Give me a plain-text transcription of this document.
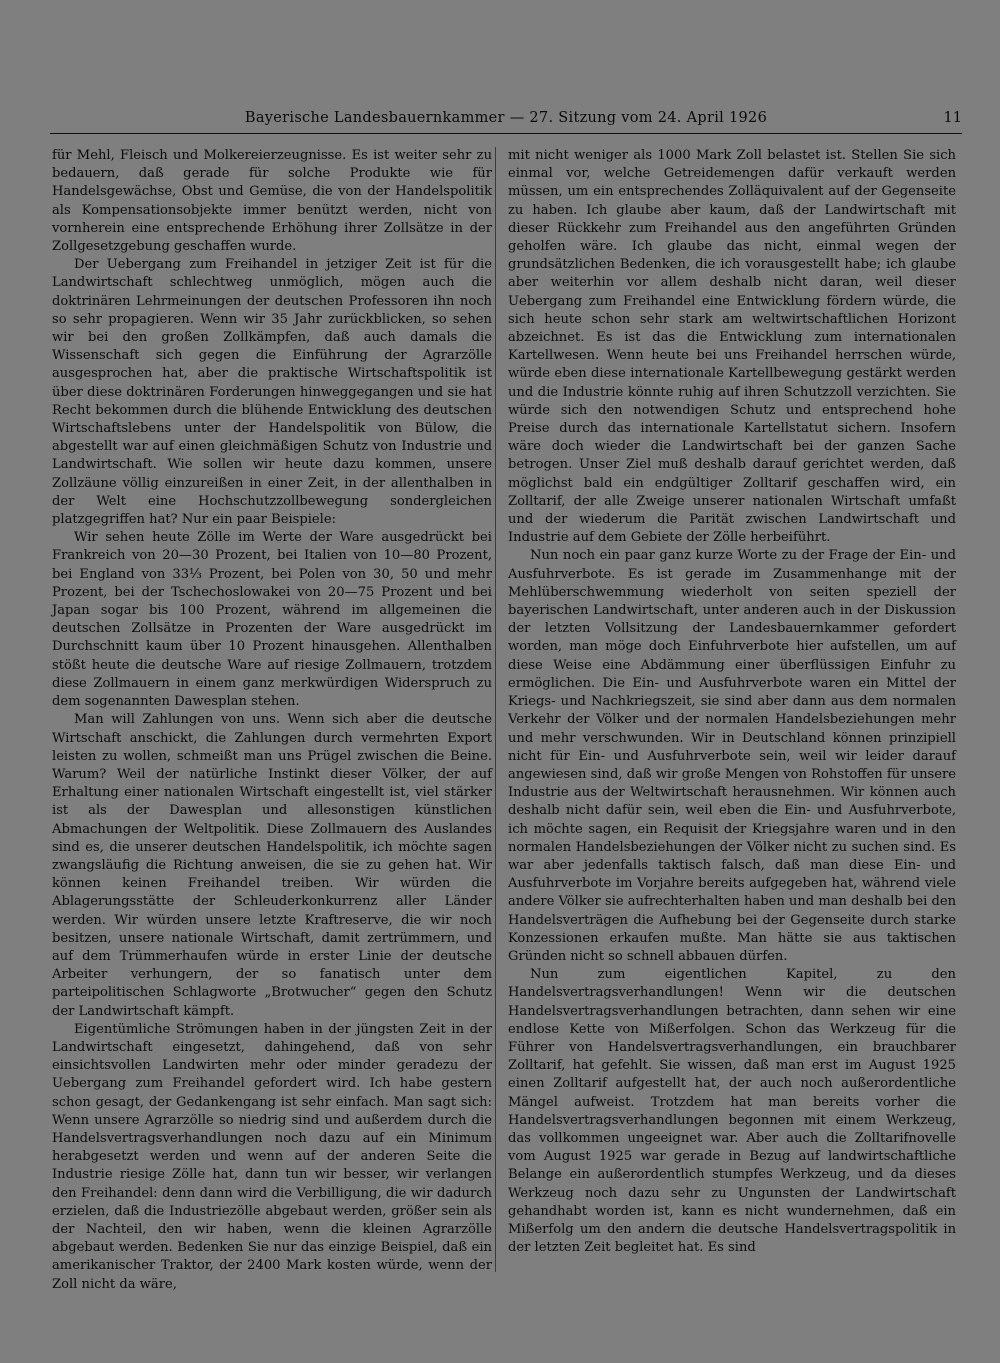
Bayerische Landesbauernkammer — 27. Sitzung vom 24. April 1926	11

für Mehl, Fleisch und Molkereierzeugnisse. Es ist weiter sehr zu bedauern, daß gerade für solche Produkte wie für Handelsgewächse, Obst und Gemüse, die von der Handelspolitik als Kompensationsobjekte immer benützt werden, nicht von vornherein eine entsprechende Erhöhung ihrer Zollsätze in der Zollgesetzgebung geschaffen wurde.

Der Uebergang zum Freihandel in jetziger Zeit ist für die Landwirtschaft schlechtweg unmöglich, mögen auch die doktrinären Lehrmeinungen der deutschen Professoren ihn noch so sehr propagieren. Wenn wir 35 Jahr zurückblicken, so sehen wir bei den großen Zollkämpfen, daß auch damals die Wissenschaft sich gegen die Einführung der Agrarzölle ausgesprochen hat, aber die praktische Wirtschaftspolitik ist über diese doktrinären Forderungen hinweggegangen und sie hat Recht bekommen durch die blühende Entwicklung des deutschen Wirtschaftslebens unter der Handelspolitik von Bülow, die abgestellt war auf einen gleichmäßigen Schutz von Industrie und Landwirtschaft. Wie sollen wir heute dazu kommen, unsere Zollzäune völlig einzureißen in einer Zeit, in der allenthalben in der Welt eine Hochschutzzollbewegung sondergleichen platzgegriffen hat? Nur ein paar Beispiele:

Wir sehen heute Zölle im Werte der Ware ausgedrückt bei Frankreich von 20—30 Prozent, bei Italien von 10—80 Prozent, bei England von 33⅓ Prozent, bei Polen von 30, 50 und mehr Prozent, bei der Tschechoslowakei von 20—75 Prozent und bei Japan sogar bis 100 Prozent, während im allgemeinen die deutschen Zollsätze in Prozenten der Ware ausgedrückt im Durchschnitt kaum über 10 Prozent hinausgehen. Allenthalben stößt heute die deutsche Ware auf riesige Zollmauern, trotzdem diese Zollmauern in einem ganz merkwürdigen Widerspruch zu dem sogenannten Dawesplan stehen.

Man will Zahlungen von uns. Wenn sich aber die deutsche Wirtschaft anschickt, die Zahlungen durch vermehrten Export leisten zu wollen, schmeißt man uns Prügel zwischen die Beine. Warum? Weil der natürliche Instinkt dieser Völker, der auf Erhaltung einer nationalen Wirtschaft eingestellt ist, viel stärker ist als der Dawesplan und allesonstigen künstlichen Abmachungen der Weltpolitik. Diese Zollmauern des Auslandes sind es, die unserer deutschen Handelspolitik, ich möchte sagen zwangsläufig die Richtung anweisen, die sie zu gehen hat. Wir können keinen Freihandel treiben. Wir würden die Ablagerungsstätte der Schleuderkonkurrenz aller Länder werden. Wir würden unsere letzte Kraftreserve, die wir noch besitzen, unsere nationale Wirtschaft, damit zertrümmern, und auf dem Trümmerhaufen würde in erster Linie der deutsche Arbeiter verhungern, der so fanatisch unter dem parteipolitischen Schlagworte „Brotwucher“ gegen den Schutz der Landwirtschaft kämpft.

Eigentümliche Strömungen haben in der jüngsten Zeit in der Landwirtschaft eingesetzt, dahingehend, daß von sehr einsichtsvollen Landwirten mehr oder minder geradezu der Uebergang zum Freihandel gefordert wird. Ich habe gestern schon gesagt, der Gedankengang ist sehr einfach. Man sagt sich: Wenn unsere Agrarzölle so niedrig sind und außerdem durch die Handelsvertragsverhandlungen noch dazu auf ein Minimum herabgesetzt werden und wenn auf der anderen Seite die Industrie riesige Zölle hat, dann tun wir besser, wir verlangen den Freihandel: denn dann wird die Verbilligung, die wir dadurch erzielen, daß die Industriezölle abgebaut werden, größer sein als der Nachteil, den wir haben, wenn die kleinen Agrarzölle abgebaut werden. Bedenken Sie nur das einzige Beispiel, daß ein amerikanischer Traktor, der 2400 Mark kosten würde, wenn der Zoll nicht da wäre,

mit nicht weniger als 1000 Mark Zoll belastet ist. Stellen Sie sich einmal vor, welche Getreidemengen dafür verkauft werden müssen, um ein entsprechendes Zolläquivalent auf der Gegenseite zu haben. Ich glaube aber kaum, daß der Landwirtschaft mit dieser Rückkehr zum Freihandel aus den angeführten Gründen geholfen wäre. Ich glaube das nicht, einmal wegen der grundsätzlichen Bedenken, die ich vorausgestellt habe; ich glaube aber weiterhin vor allem deshalb nicht daran, weil dieser Uebergang zum Freihandel eine Entwicklung fördern würde, die sich heute schon sehr stark am weltwirtschaftlichen Horizont abzeichnet. Es ist das die Entwicklung zum internationalen Kartellwesen. Wenn heute bei uns Freihandel herrschen würde, würde eben diese internationale Kartellbewegung gestärkt werden und die Industrie könnte ruhig auf ihren Schutzzoll verzichten. Sie würde sich den notwendigen Schutz und entsprechend hohe Preise durch das internationale Kartellstatut sichern. Insofern wäre doch wieder die Landwirtschaft bei der ganzen Sache betrogen. Unser Ziel muß deshalb darauf gerichtet werden, daß möglichst bald ein endgültiger Zolltarif geschaffen wird, ein Zolltarif, der alle Zweige unserer nationalen Wirtschaft umfaßt und der wiederum die Parität zwischen Landwirtschaft und Industrie auf dem Gebiete der Zölle herbeiführt.

Nun noch ein paar ganz kurze Worte zu der Frage der Ein- und Ausfuhrverbote. Es ist gerade im Zusammenhange mit der Mehlüberschwemmung wiederholt von seiten speziell der bayerischen Landwirtschaft, unter anderen auch in der Diskussion der letzten Vollsitzung der Landesbauernkammer gefordert worden, man möge doch Einfuhrverbote hier aufstellen, um auf diese Weise eine Abdämmung einer überflüssigen Einfuhr zu ermöglichen. Die Ein- und Ausfuhrverbote waren ein Mittel der Kriegs- und Nachkriegszeit, sie sind aber dann aus dem normalen Verkehr der Völker und der normalen Handelsbeziehungen mehr und mehr verschwunden. Wir in Deutschland können prinzipiell nicht für Ein- und Ausfuhrverbote sein, weil wir leider darauf angewiesen sind, daß wir große Mengen von Rohstoffen für unsere Industrie aus der Weltwirtschaft herausnehmen. Wir können auch deshalb nicht dafür sein, weil eben die Ein- und Ausfuhrverbote, ich möchte sagen, ein Requisit der Kriegsjahre waren und in den normalen Handelsbeziehungen der Völker nicht zu suchen sind. Es war aber jedenfalls taktisch falsch, daß man diese Ein- und Ausfuhrverbote im Vorjahre bereits aufgegeben hat, während viele andere Völker sie aufrechterhalten haben und man deshalb bei den Handelsverträgen die Aufhebung bei der Gegenseite durch starke Konzessionen erkaufen mußte. Man hätte sie aus taktischen Gründen nicht so schnell abbauen dürfen.

Nun zum eigentlichen Kapitel, zu den Handelsvertragsverhandlungen! Wenn wir die deutschen Handelsvertragsverhandlungen betrachten, dann sehen wir eine endlose Kette von Mißerfolgen. Schon das Werkzeug für die Führer von Handelsvertragsverhandlungen, ein brauchbarer Zolltarif, hat gefehlt. Sie wissen, daß man erst im August 1925 einen Zolltarif aufgestellt hat, der auch noch außerordentliche Mängel aufweist. Trotzdem hat man bereits vorher die Handelsvertragsverhandlungen begonnen mit einem Werkzeug, das vollkommen ungeeignet war. Aber auch die Zolltarifnovelle vom August 1925 war gerade in Bezug auf landwirtschaftliche Belange ein außerordentlich stumpfes Werkzeug, und da dieses Werkzeug noch dazu sehr zu Ungunsten der Landwirtschaft gehandhabt worden ist, kann es nicht wundernehmen, daß ein Mißerfolg um den andern die deutsche Handelsvertragspolitik in der letzten Zeit begleitet hat. Es sind
